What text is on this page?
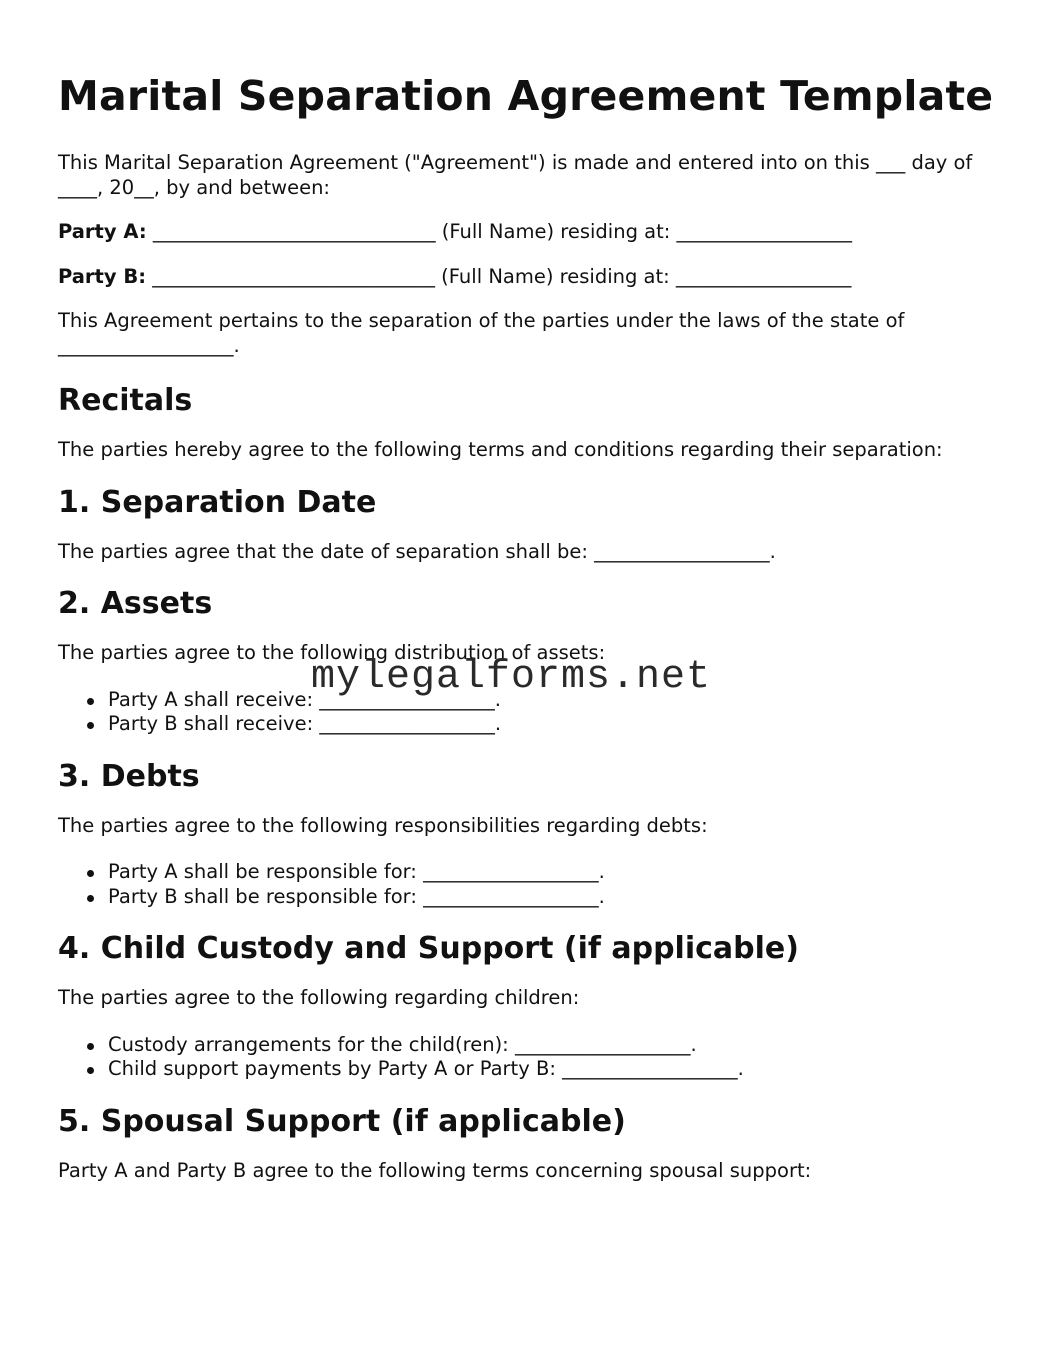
Marital Separation Agreement Template

This Marital Separation Agreement ("Agreement") is made and entered into on this ___ day of ____, 20__, by and between:

Party A: _____________________________ (Full Name) residing at: __________________

Party B: _____________________________ (Full Name) residing at: __________________

This Agreement pertains to the separation of the parties under the laws of the state of __________________.

Recitals

The parties hereby agree to the following terms and conditions regarding their separation:

1. Separation Date

The parties agree that the date of separation shall be: __________________.

2. Assets

The parties agree to the following distribution of assets:

Party A shall receive: __________________.
Party B shall receive: __________________.
3. Debts

The parties agree to the following responsibilities regarding debts:

Party A shall be responsible for: __________________.
Party B shall be responsible for: __________________.
4. Child Custody and Support (if applicable)

The parties agree to the following regarding children:

Custody arrangements for the child(ren): __________________.
Child support payments by Party A or Party B: __________________.
5. Spousal Support (if applicable)

Party A and Party B agree to the following terms concerning spousal support:

mylegalforms.net
